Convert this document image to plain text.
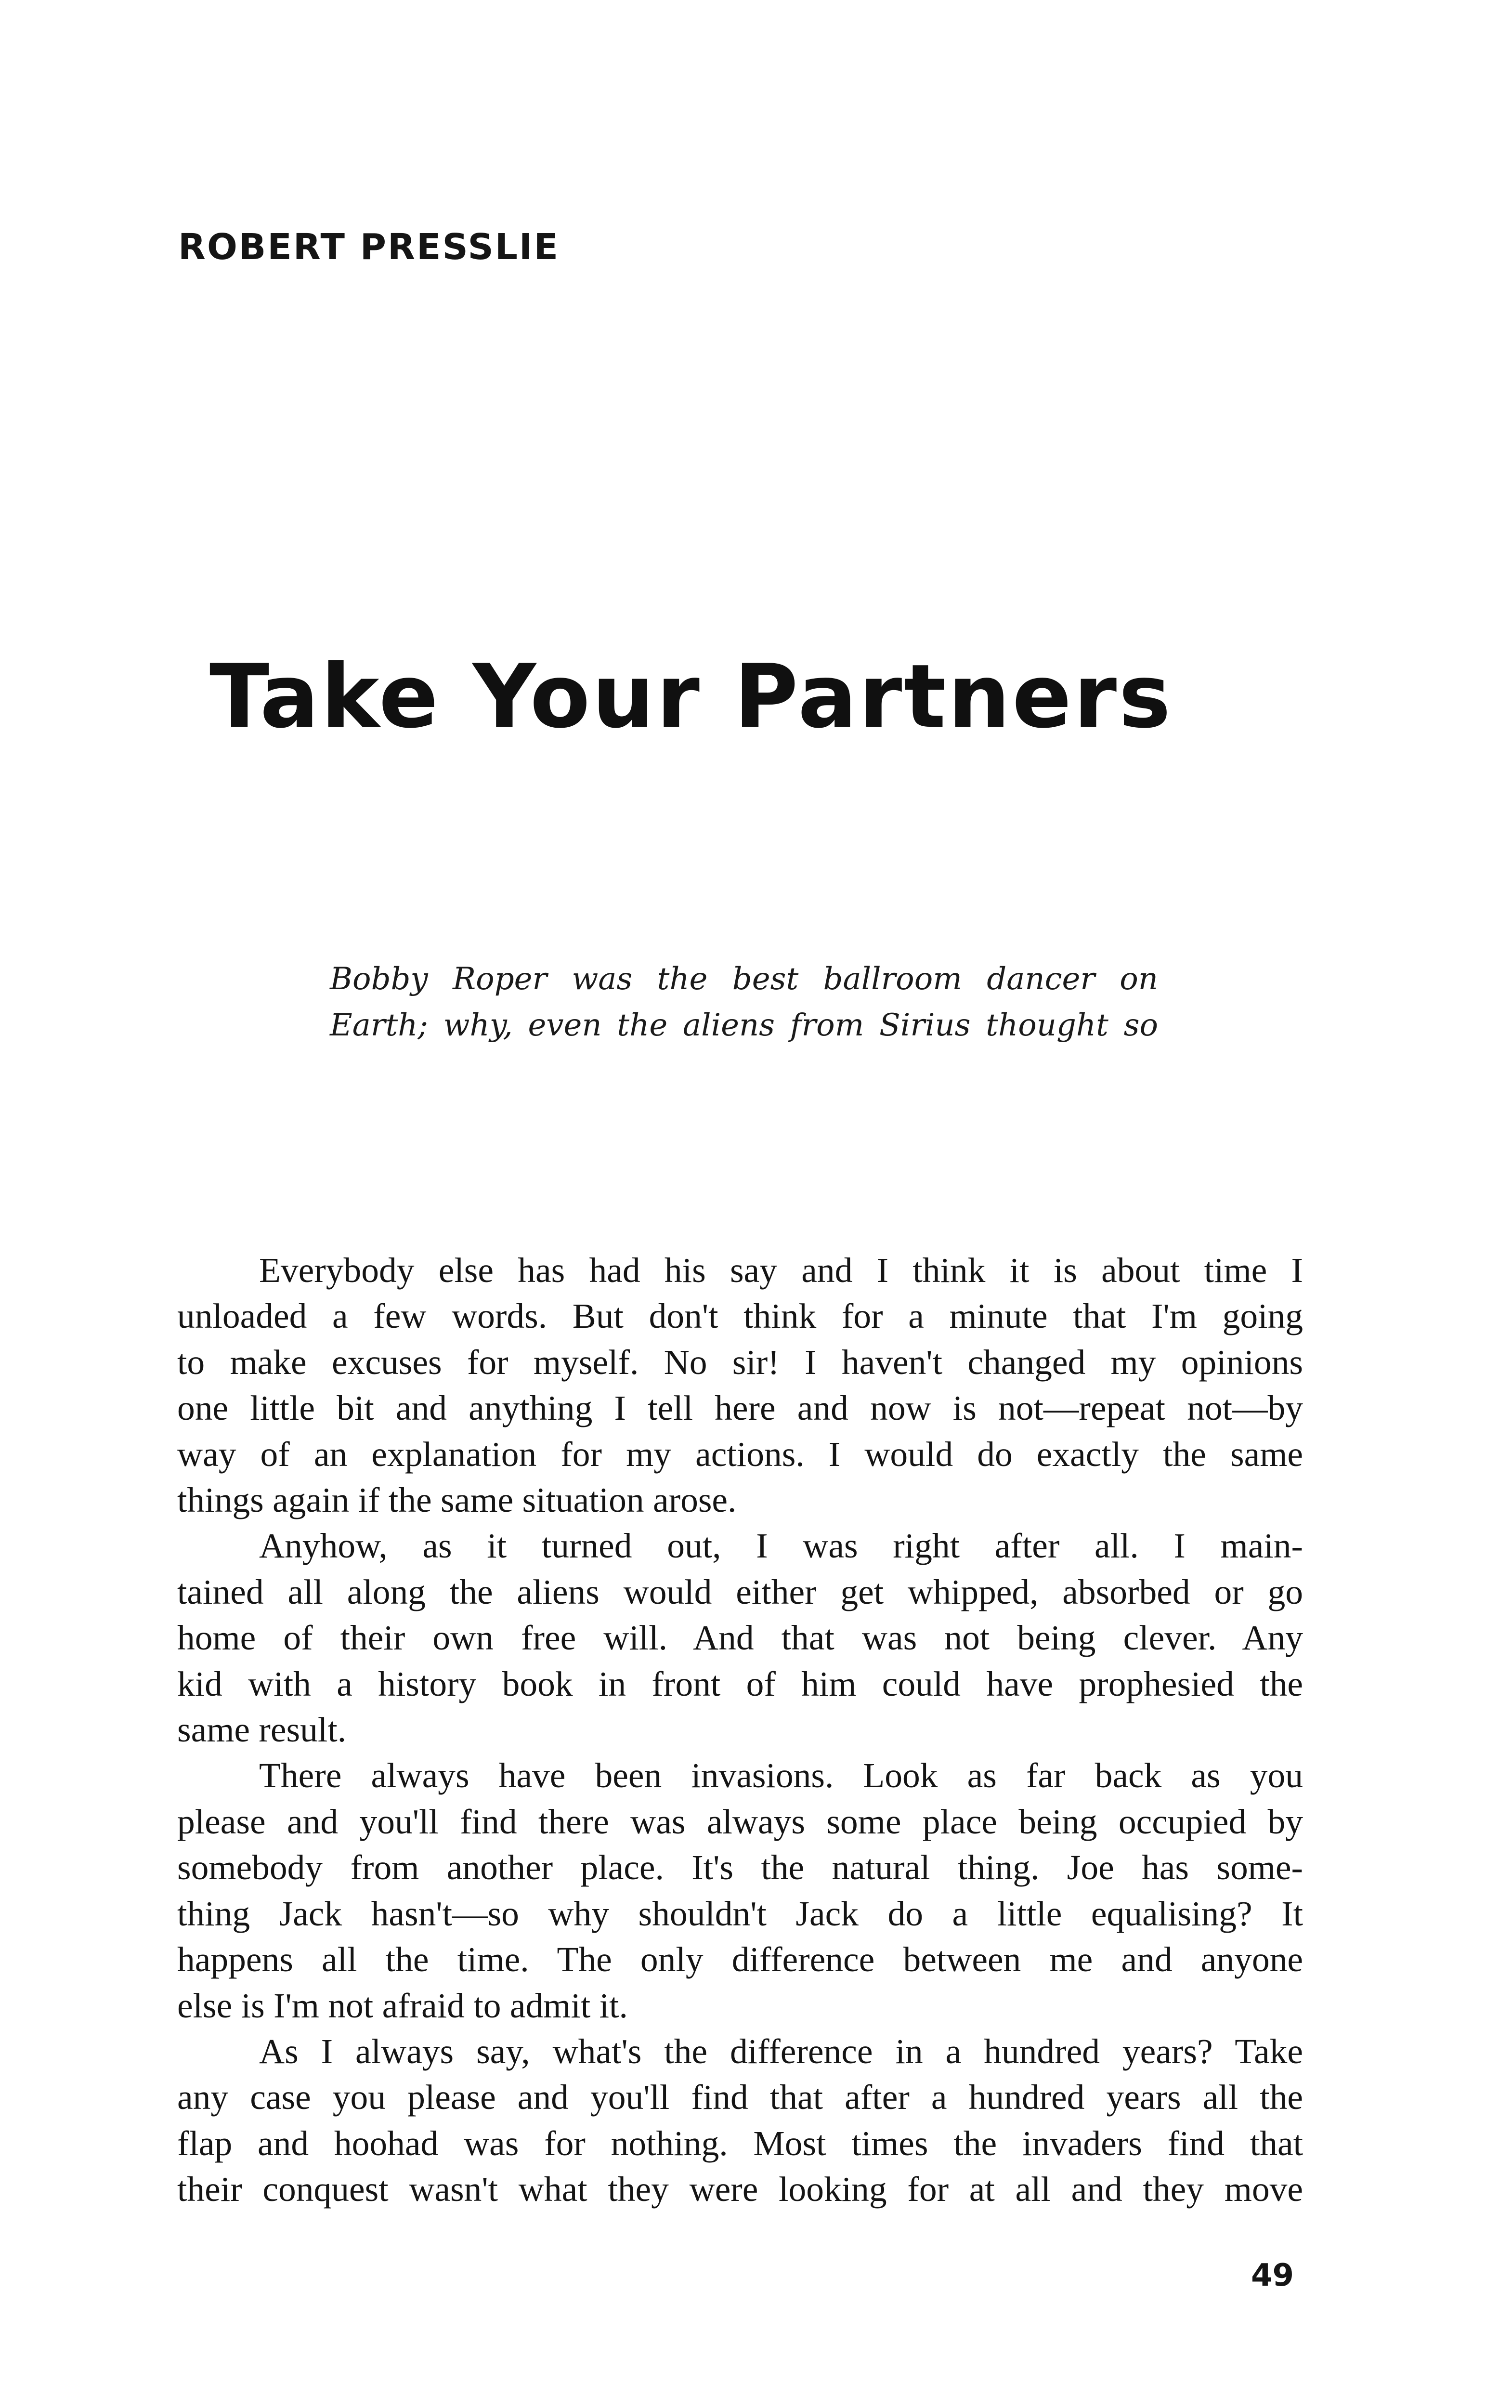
ROBERT PRESSLIE
Take Your Partners
Bobby Roper was the best ballroom dancer on
Earth; why, even the aliens from Sirius thought so

Everybody else has had his say and I think it is about time I
unloaded a few words. But don't think for a minute that I'm going
to make excuses for myself. No sir! I haven't changed my opinions
one little bit and anything I tell here and now is not—repeat not—by
way of an explanation for my actions. I would do exactly the same
things again if the same situation arose.

Anyhow, as it turned out, I was right after all. I main-
tained all along the aliens would either get whipped, absorbed or go
home of their own free will. And that was not being clever. Any
kid with a history book in front of him could have prophesied the
same result.

There always have been invasions. Look as far back as you
please and you'll find there was always some place being occupied by
somebody from another place. It's the natural thing. Joe has some-
thing Jack hasn't—so why shouldn't Jack do a little equalising? It
happens all the time. The only difference between me and anyone
else is I'm not afraid to admit it.

As I always say, what's the difference in a hundred years? Take
any case you please and you'll find that after a hundred years all the
flap and hoohad was for nothing. Most times the invaders find that
their conquest wasn't what they were looking for at all and they move

49
